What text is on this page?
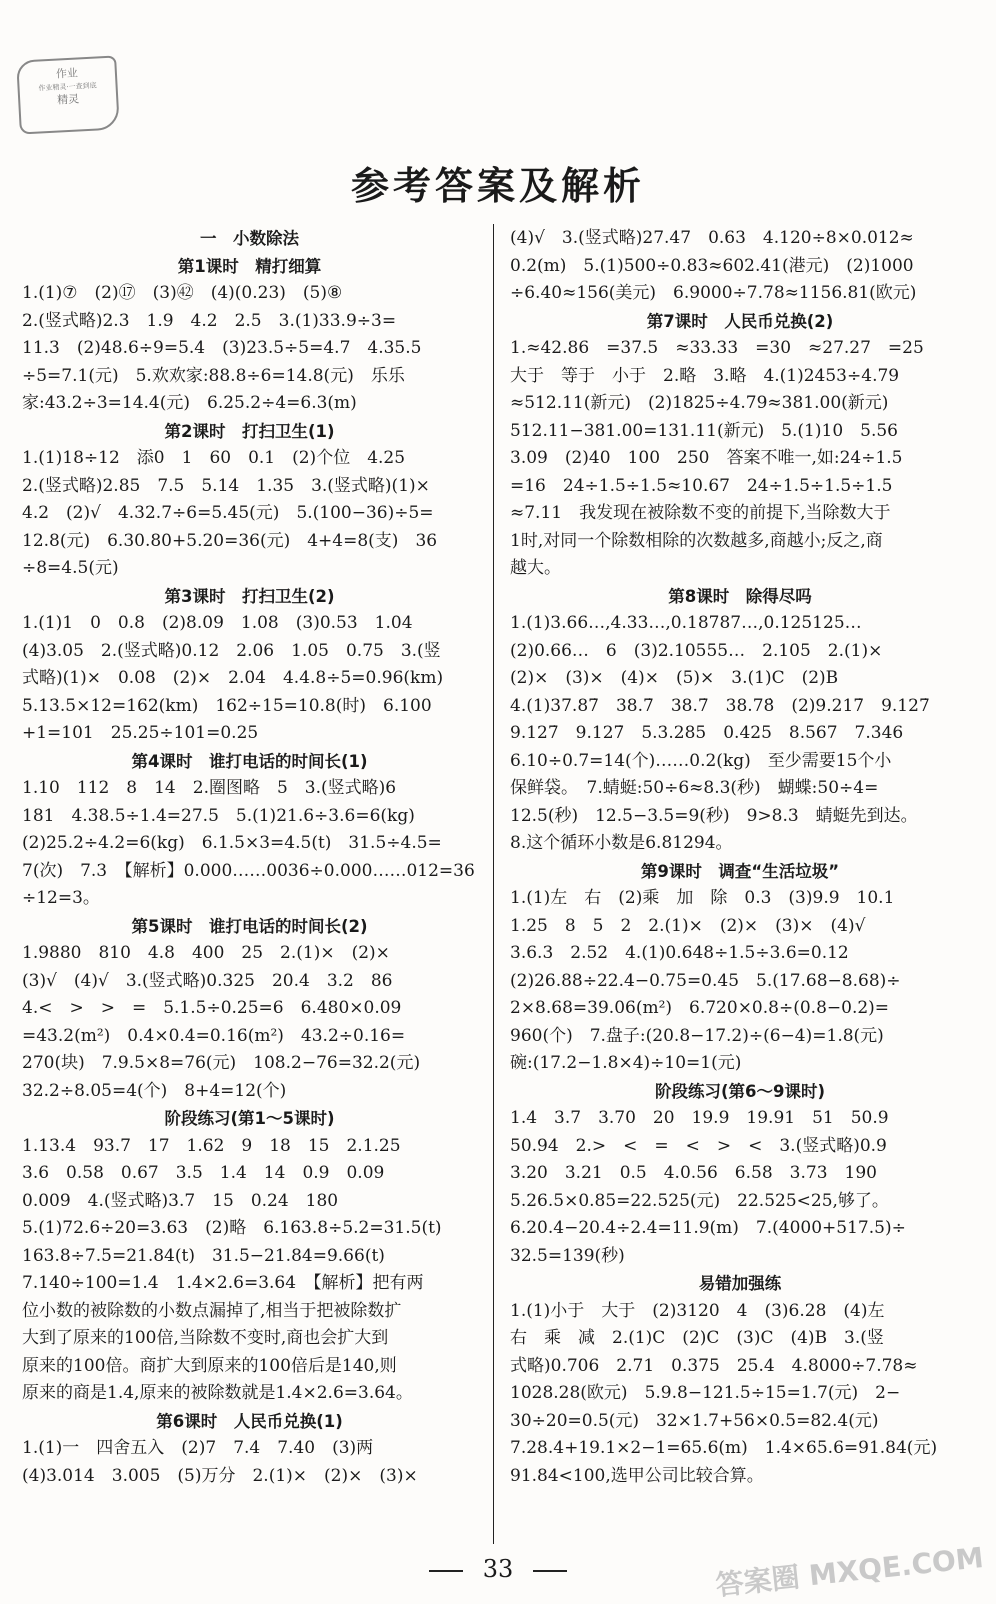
作业
作业精灵·一查到底
精灵
参考答案及解析
一　小数除法
第1课时　精打细算
1.(1)⑦　(2)⑰　(3)㊷　(4)(0.23)　(5)⑧
2.(竖式略)2.3　1.9　4.2　2.5　3.(1)33.9÷3=
11.3　(2)48.6÷9=5.4　(3)23.5÷5=4.7　4.35.5
÷5=7.1(元)　5.欢欢家:88.8÷6=14.8(元)　乐乐
家:43.2÷3=14.4(元)　6.25.2÷4=6.3(m)
第2课时　打扫卫生(1)
1.(1)18÷12　添0　1　60　0.1　(2)个位　4.25
2.(竖式略)2.85　7.5　5.14　1.35　3.(竖式略)(1)×
4.2　(2)√　4.32.7÷6=5.45(元)　5.(100−36)÷5=
12.8(元)　6.30.80+5.20=36(元)　4+4=8(支)　36
÷8=4.5(元)
第3课时　打扫卫生(2)
1.(1)1　0　0.8　(2)8.09　1.08　(3)0.53　1.04
(4)3.05　2.(竖式略)0.12　2.06　1.05　0.75　3.(竖
式略)(1)×　0.08　(2)×　2.04　4.4.8÷5=0.96(km)
5.13.5×12=162(km)　162÷15=10.8(时)　6.100
+1=101　25.25÷101=0.25
第4课时　谁打电话的时间长(1)
1.10　112　8　14　2.圈图略　5　3.(竖式略)6
181　4.38.5÷1.4=27.5　5.(1)21.6÷3.6=6(kg)
(2)25.2÷4.2=6(kg)　6.1.5×3=4.5(t)　31.5÷4.5=
7(次)　7.3　【解析】0.000……0036÷0.000……012=36
÷12=3。
第5课时　谁打电话的时间长(2)
1.9880　810　4.8　400　25　2.(1)×　(2)×
(3)√　(4)√　3.(竖式略)0.325　20.4　3.2　86
4.<　>　>　=　5.1.5÷0.25=6　6.480×0.09
=43.2(m²)　0.4×0.4=0.16(m²)　43.2÷0.16=
270(块)　7.9.5×8=76(元)　108.2−76=32.2(元)
32.2÷8.05=4(个)　8+4=12(个)
阶段练习(第1～5课时)
1.13.4　93.7　17　1.62　9　18　15　2.1.25
3.6　0.58　0.67　3.5　1.4　14　0.9　0.09
0.009　4.(竖式略)3.7　15　0.24　180
5.(1)72.6÷20=3.63　(2)略　6.163.8÷5.2=31.5(t)
163.8÷7.5=21.84(t)　31.5−21.84=9.66(t)
7.140÷100=1.4　1.4×2.6=3.64　【解析】把有两
位小数的被除数的小数点漏掉了,相当于把被除数扩
大到了原来的100倍,当除数不变时,商也会扩大到
原来的100倍。商扩大到原来的100倍后是140,则
原来的商是1.4,原来的被除数就是1.4×2.6=3.64。
第6课时　人民币兑换(1)
1.(1)一　四舍五入　(2)7　7.4　7.40　(3)两
(4)3.014　3.005　(5)万分　2.(1)×　(2)×　(3)×
(4)√　3.(竖式略)27.47　0.63　4.120÷8×0.012≈
0.2(m)　5.(1)500÷0.83≈602.41(港元)　(2)1000
÷6.40≈156(美元)　6.9000÷7.78≈1156.81(欧元)
第7课时　人民币兑换(2)
1.≈42.86　=37.5　≈33.33　=30　≈27.27　=25
大于　等于　小于　2.略　3.略　4.(1)2453÷4.79
≈512.11(新元)　(2)1825÷4.79≈381.00(新元)
512.11−381.00=131.11(新元)　5.(1)10　5.56
3.09　(2)40　100　250　答案不唯一,如:24÷1.5
=16　24÷1.5÷1.5≈10.67　24÷1.5÷1.5÷1.5
≈7.11　我发现在被除数不变的前提下,当除数大于
1时,对同一个除数相除的次数越多,商越小;反之,商
越大。
第8课时　除得尽吗
1.(1)3.66…,4.33…,0.18787…,0.125125…
(2)0.66…　6　(3)2.10555…　2.105　2.(1)×
(2)×　(3)×　(4)×　(5)×　3.(1)C　(2)B
4.(1)37.87̇　38.7̇　38.7̇　38.78̇　(2)9.217̇　9.127̇
9.127̇　9.127̇　5.3.285　0.425　8.567　7.346
6.10÷0.7=14(个)……0.2(kg)　至少需要15个小
保鲜袋。　7.蜻蜓:50÷6≈8.3(秒)　蝴蝶:50÷4=
12.5(秒)　12.5−3.5=9(秒)　9>8.3　蜻蜓先到达。
8.这个循环小数是6.81294。
第9课时　调查“生活垃圾”
1.(1)左　右　(2)乘　加　除　0.3　(3)9.9　10.1
1.25　8　5　2　2.(1)×　(2)×　(3)×　(4)√
3.6.3　2.52　4.(1)0.648÷1.5÷3.6=0.12
(2)26.88÷22.4−0.75=0.45　5.(17.68−8.68)÷
2×8.68=39.06(m²)　6.720×0.8÷(0.8−0.2)=
960(个)　7.盘子:(20.8−17.2)÷(6−4)=1.8(元)
碗:(17.2−1.8×4)÷10=1(元)
阶段练习(第6～9课时)
1.4　3.7　3.70　20　19.9　19.91　51　50.9
50.94　2.>　<　=　<　>　<　3.(竖式略)0.9
3.20　3.21　0.5　4.0.56　6.58　3.73　190
5.26.5×0.85=22.525(元)　22.525<25,够了。
6.20.4−20.4÷2.4=11.9(m)　7.(4000+517.5)÷
32.5=139(秒)
易错加强练
1.(1)小于　大于　(2)3120　4　(3)6.28　(4)左
右　乘　减　2.(1)C　(2)C　(3)C　(4)B　3.(竖
式略)0.706　2.71　0.375　25.4　4.8000÷7.78≈
1028.28(欧元)　5.9.8−121.5÷15=1.7(元)　2−
30÷20=0.5(元)　32×1.7+56×0.5=82.4(元)
7.28.4+19.1×2−1=65.6(m)　1.4×65.6=91.84(元)
91.84<100,选甲公司比较合算。
33	答案圈 MXQE.COM
